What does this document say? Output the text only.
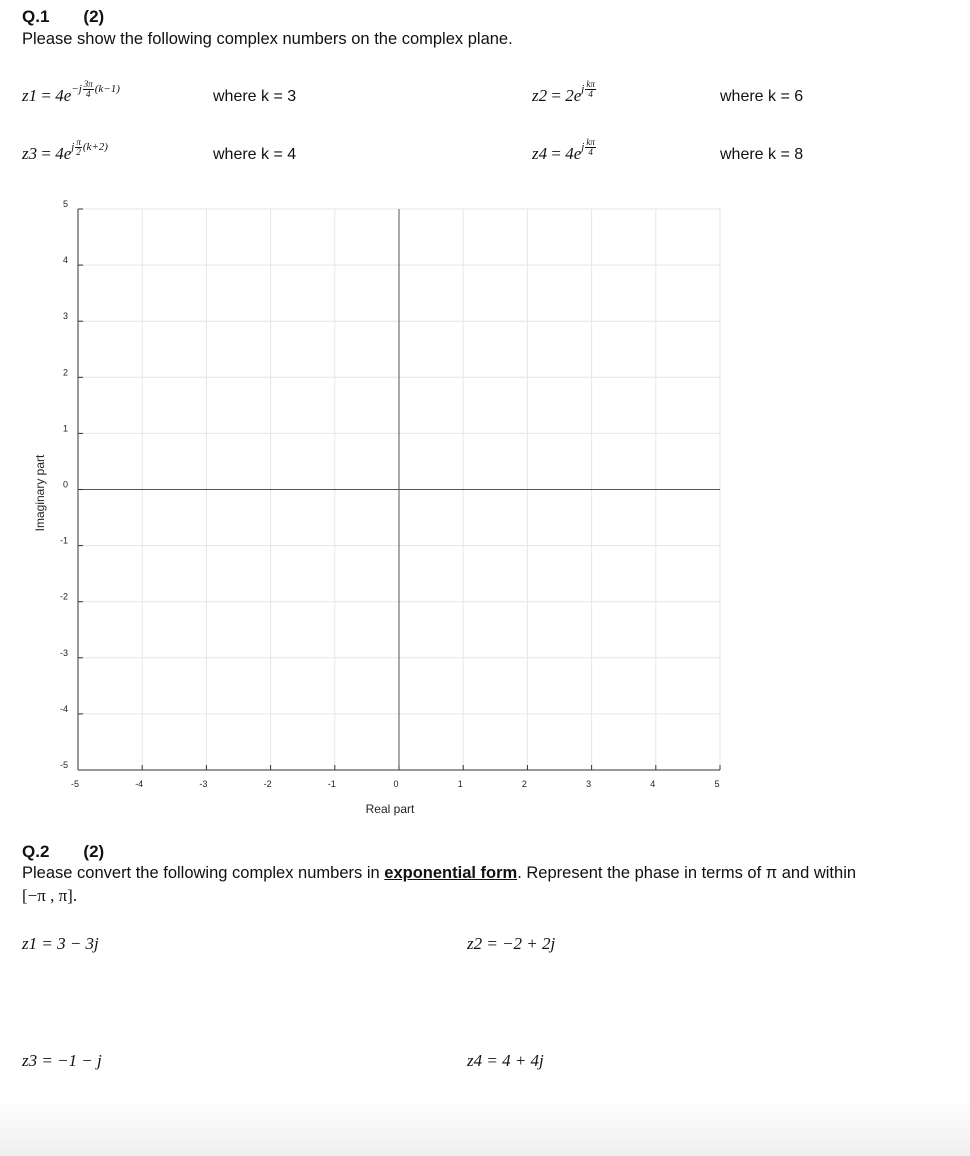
Q.1 (2)
Please show the following complex numbers on the complex plane.
$z1 = 4e^{-j \frac{3\pi}{4} (k-1)}$	where k = 3	$z2 = 2e^{j \frac{k\pi}{4}}$	where k = 6
$z3 = 4e^{j \frac{\pi}{2} (k+2)}$	where k = 4	$z4 = 4e^{j \frac{k\pi}{4}}$	where k = 8
-5	-4	-3	-2	-1	0	1	2	3	4	5
-5
-4
-3
-2
-1
0
1
2
3
4
5
Real part
Imaginary part
Q.2 (2)
Please convert the following complex numbers in exponential form. Represent the phase in terms of π and within
[−π , π].
z1 = 3 − 3j	z2 = −2 + 2j
z3 = −1 − j	z4 = 4 + 4j
